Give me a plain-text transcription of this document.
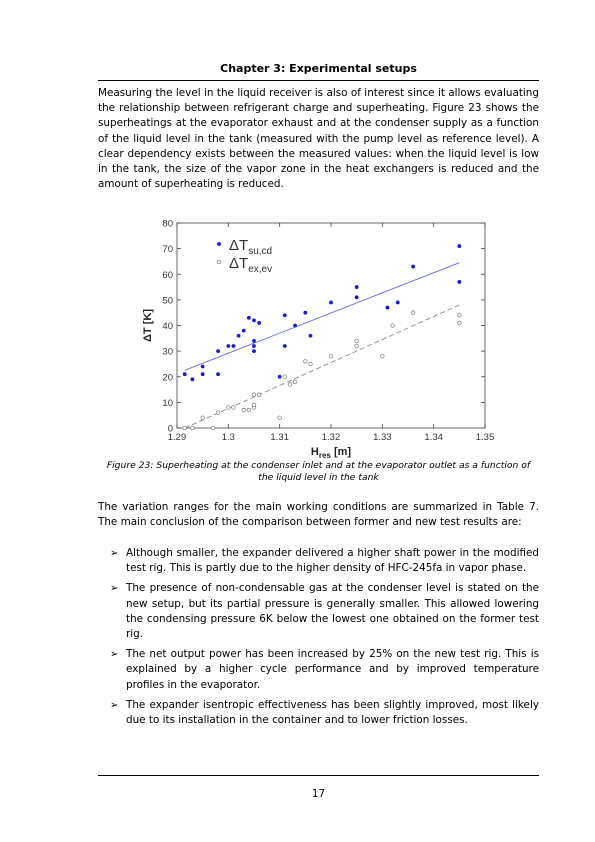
Chapter 3: Experimental setups

Measuring the level in the liquid receiver is also of interest since it allows evaluating the relationship between refrigerant charge and superheating. Figure 23 shows the superheatings at the evaporator exhaust and at the condenser supply as a function of the liquid level in the tank (measured with the pump level as reference level). A clear dependency exists between the measured values: when the liquid level is low in the tank, the size of the vapor zone in the heat exchangers is reduced and the amount of superheating is reduced.

1.29	1.3	1.31	1.32	1.33	1.34	1.35
0
10
20
30
40
50
60
70
80
$H_{res}$ [m]
ΔT [K]
$\Delta T_{su,cd}$
$\Delta T_{ex,ev}$
Figure 23: Superheating at the condenser inlet and at the evaporator outlet as a function of the liquid level in the tank

The variation ranges for the main working conditions are summarized in Table 7. The main conclusion of the comparison between former and new test results are:

➢ Although smaller, the expander delivered a higher shaft power in the modified test rig. This is partly due to the higher density of HFC-245fa in vapor phase.
➢ The presence of non-condensable gas at the condenser level is stated on the new setup, but its partial pressure is generally smaller. This allowed lowering the condensing pressure 6K below the lowest one obtained on the former test rig.
➢ The net output power has been increased by 25% on the new test rig. This is explained by a higher cycle performance and by improved temperature profiles in the evaporator.
➢ The expander isentropic effectiveness has been slightly improved, most likely due to its installation in the container and to lower friction losses.
17
